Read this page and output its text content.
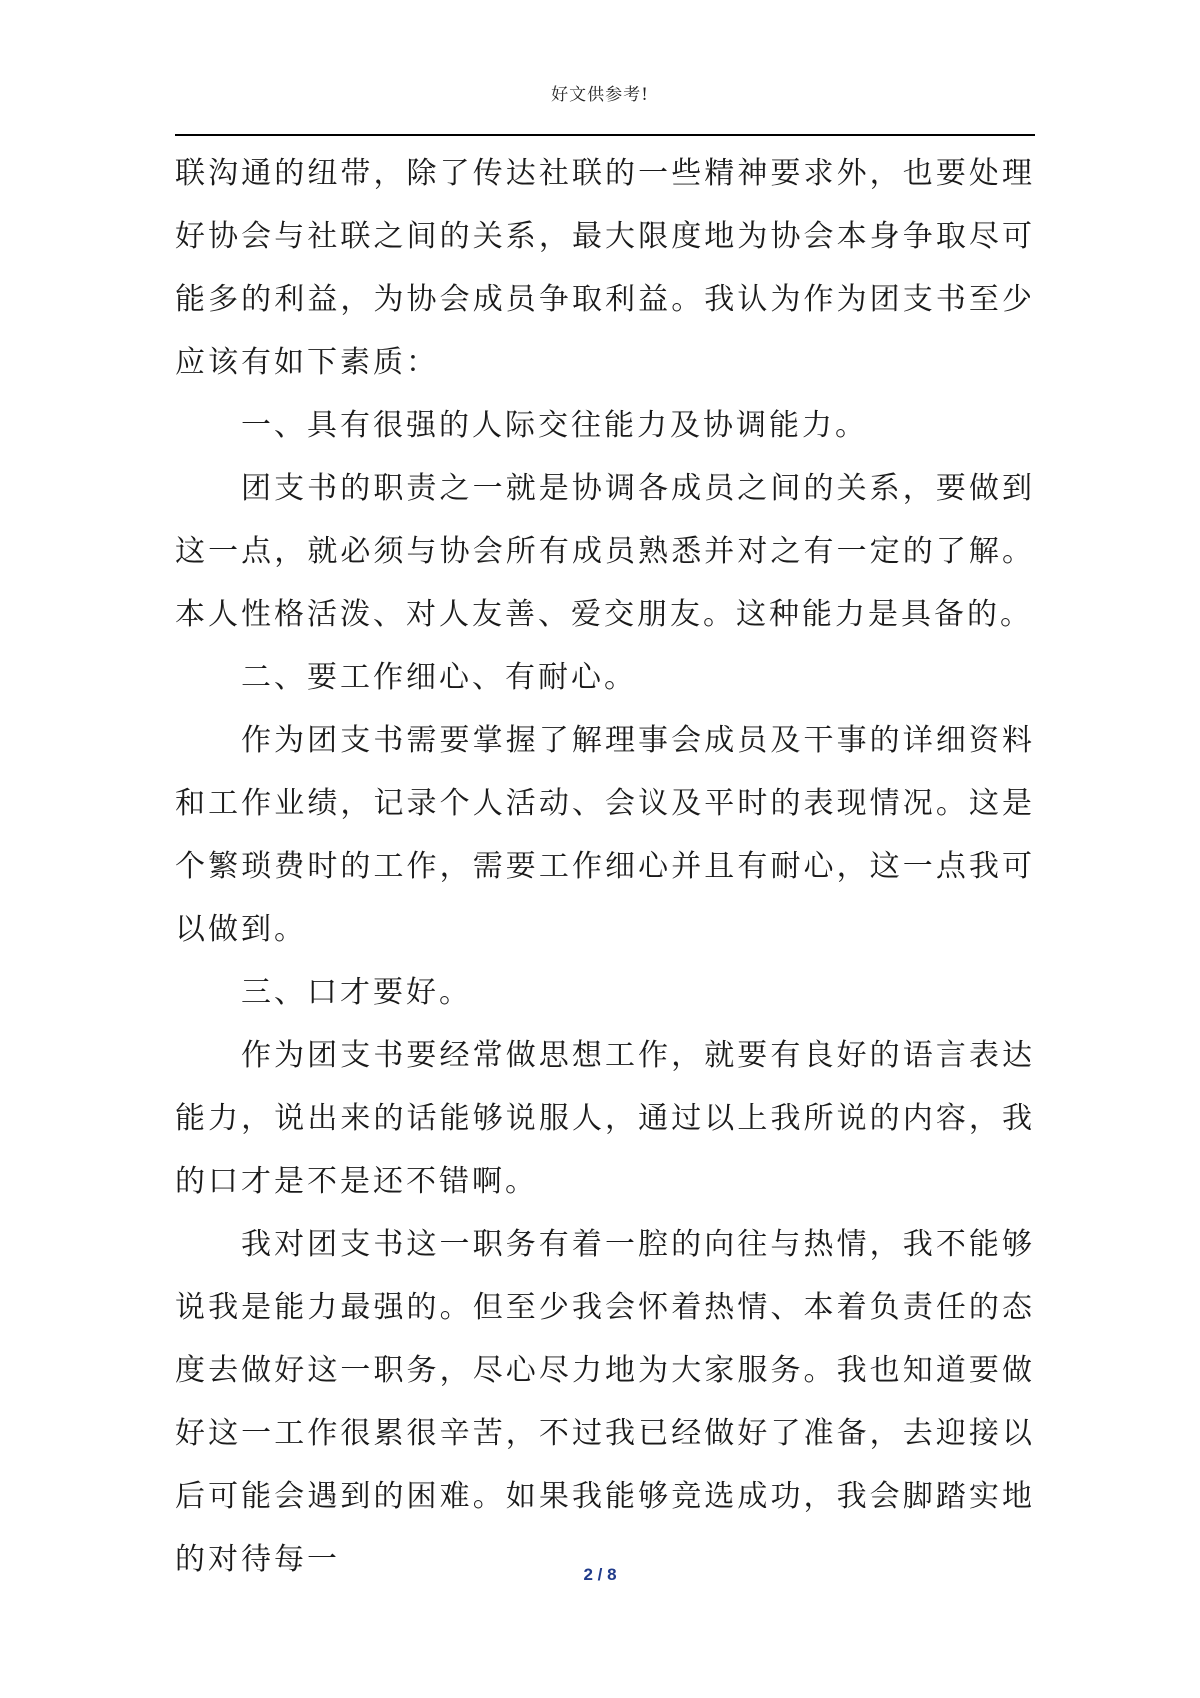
好文供参考!

联沟通的纽带，除了传达社联的一些精神要求外，也要处理好协会与社联之间的关系，最大限度地为协会本身争取尽可能多的利益，为协会成员争取利益。我认为作为团支书至少应该有如下素质：

一、具有很强的人际交往能力及协调能力。

团支书的职责之一就是协调各成员之间的关系，要做到这一点，就必须与协会所有成员熟悉并对之有一定的了解。本人性格活泼、对人友善、爱交朋友。这种能力是具备的。

二、要工作细心、有耐心。

作为团支书需要掌握了解理事会成员及干事的详细资料和工作业绩，记录个人活动、会议及平时的表现情况。这是个繁琐费时的工作，需要工作细心并且有耐心，这一点我可以做到。

三、口才要好。

作为团支书要经常做思想工作，就要有良好的语言表达能力，说出来的话能够说服人，通过以上我所说的内容，我的口才是不是还不错啊。

我对团支书这一职务有着一腔的向往与热情，我不能够说我是能力最强的。但至少我会怀着热情、本着负责任的态度去做好这一职务，尽心尽力地为大家服务。我也知道要做好这一工作很累很辛苦，不过我已经做好了准备，去迎接以后可能会遇到的困难。如果我能够竞选成功，我会脚踏实地的对待每一	2 / 8
